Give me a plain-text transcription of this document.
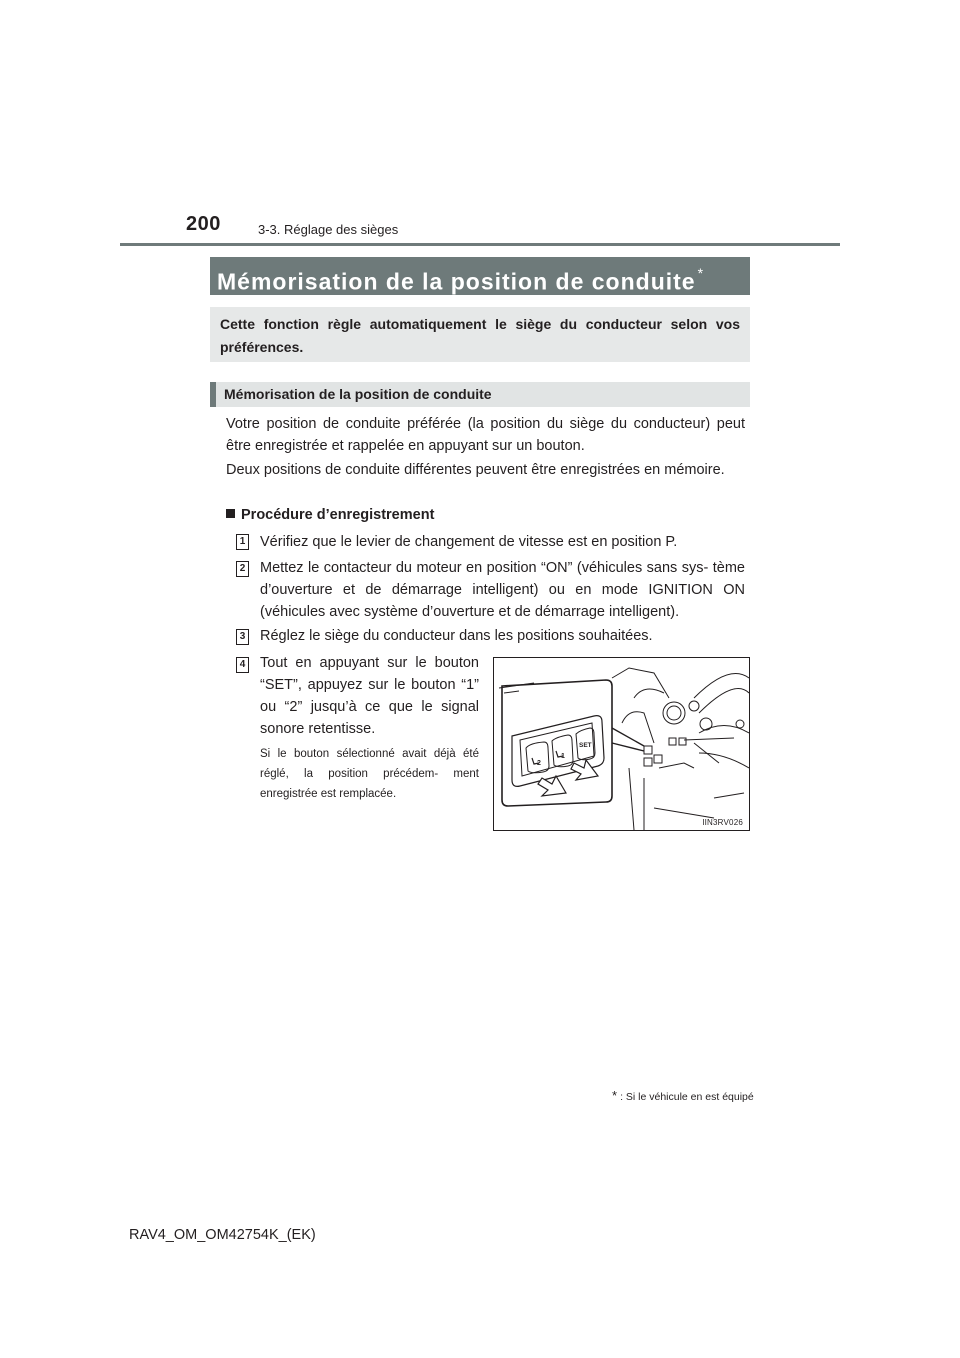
200	3-3. Réglage des sièges
Mémorisation de la position de conduite *
Cette fonction règle automatiquement le siège du conducteur selon vos préférences.
Mémorisation de la position de conduite
Votre position de conduite préférée (la position du siège du conducteur) peut être enregistrée et rappelée en appuyant sur un bouton.
Deux positions de conduite différentes peuvent être enregistrées en mémoire.
Procédure d’enregistrement
1 Vérifiez que le levier de changement de vitesse est en position P.
2 Mettez le contacteur du moteur en position “ON” (véhicules sans sys- tème d’ouverture et de démarrage intelligent) ou en mode IGNITION ON (véhicules avec système d’ouverture et de démarrage intelligent).
3 Réglez le siège du conducteur dans les positions souhaitées.
4 Tout en appuyant sur le bouton “SET”, appuyez sur le bouton “1” ou “2” jusqu’à ce que le signal sonore retentisse.
Si le bouton sélectionné avait déjà été réglé, la position précédem- ment enregistrée est remplacée.
2
1
SET
IIN3RV026
* : Si le véhicule en est équipé
RAV4_OM_OM42754K_(EK)
